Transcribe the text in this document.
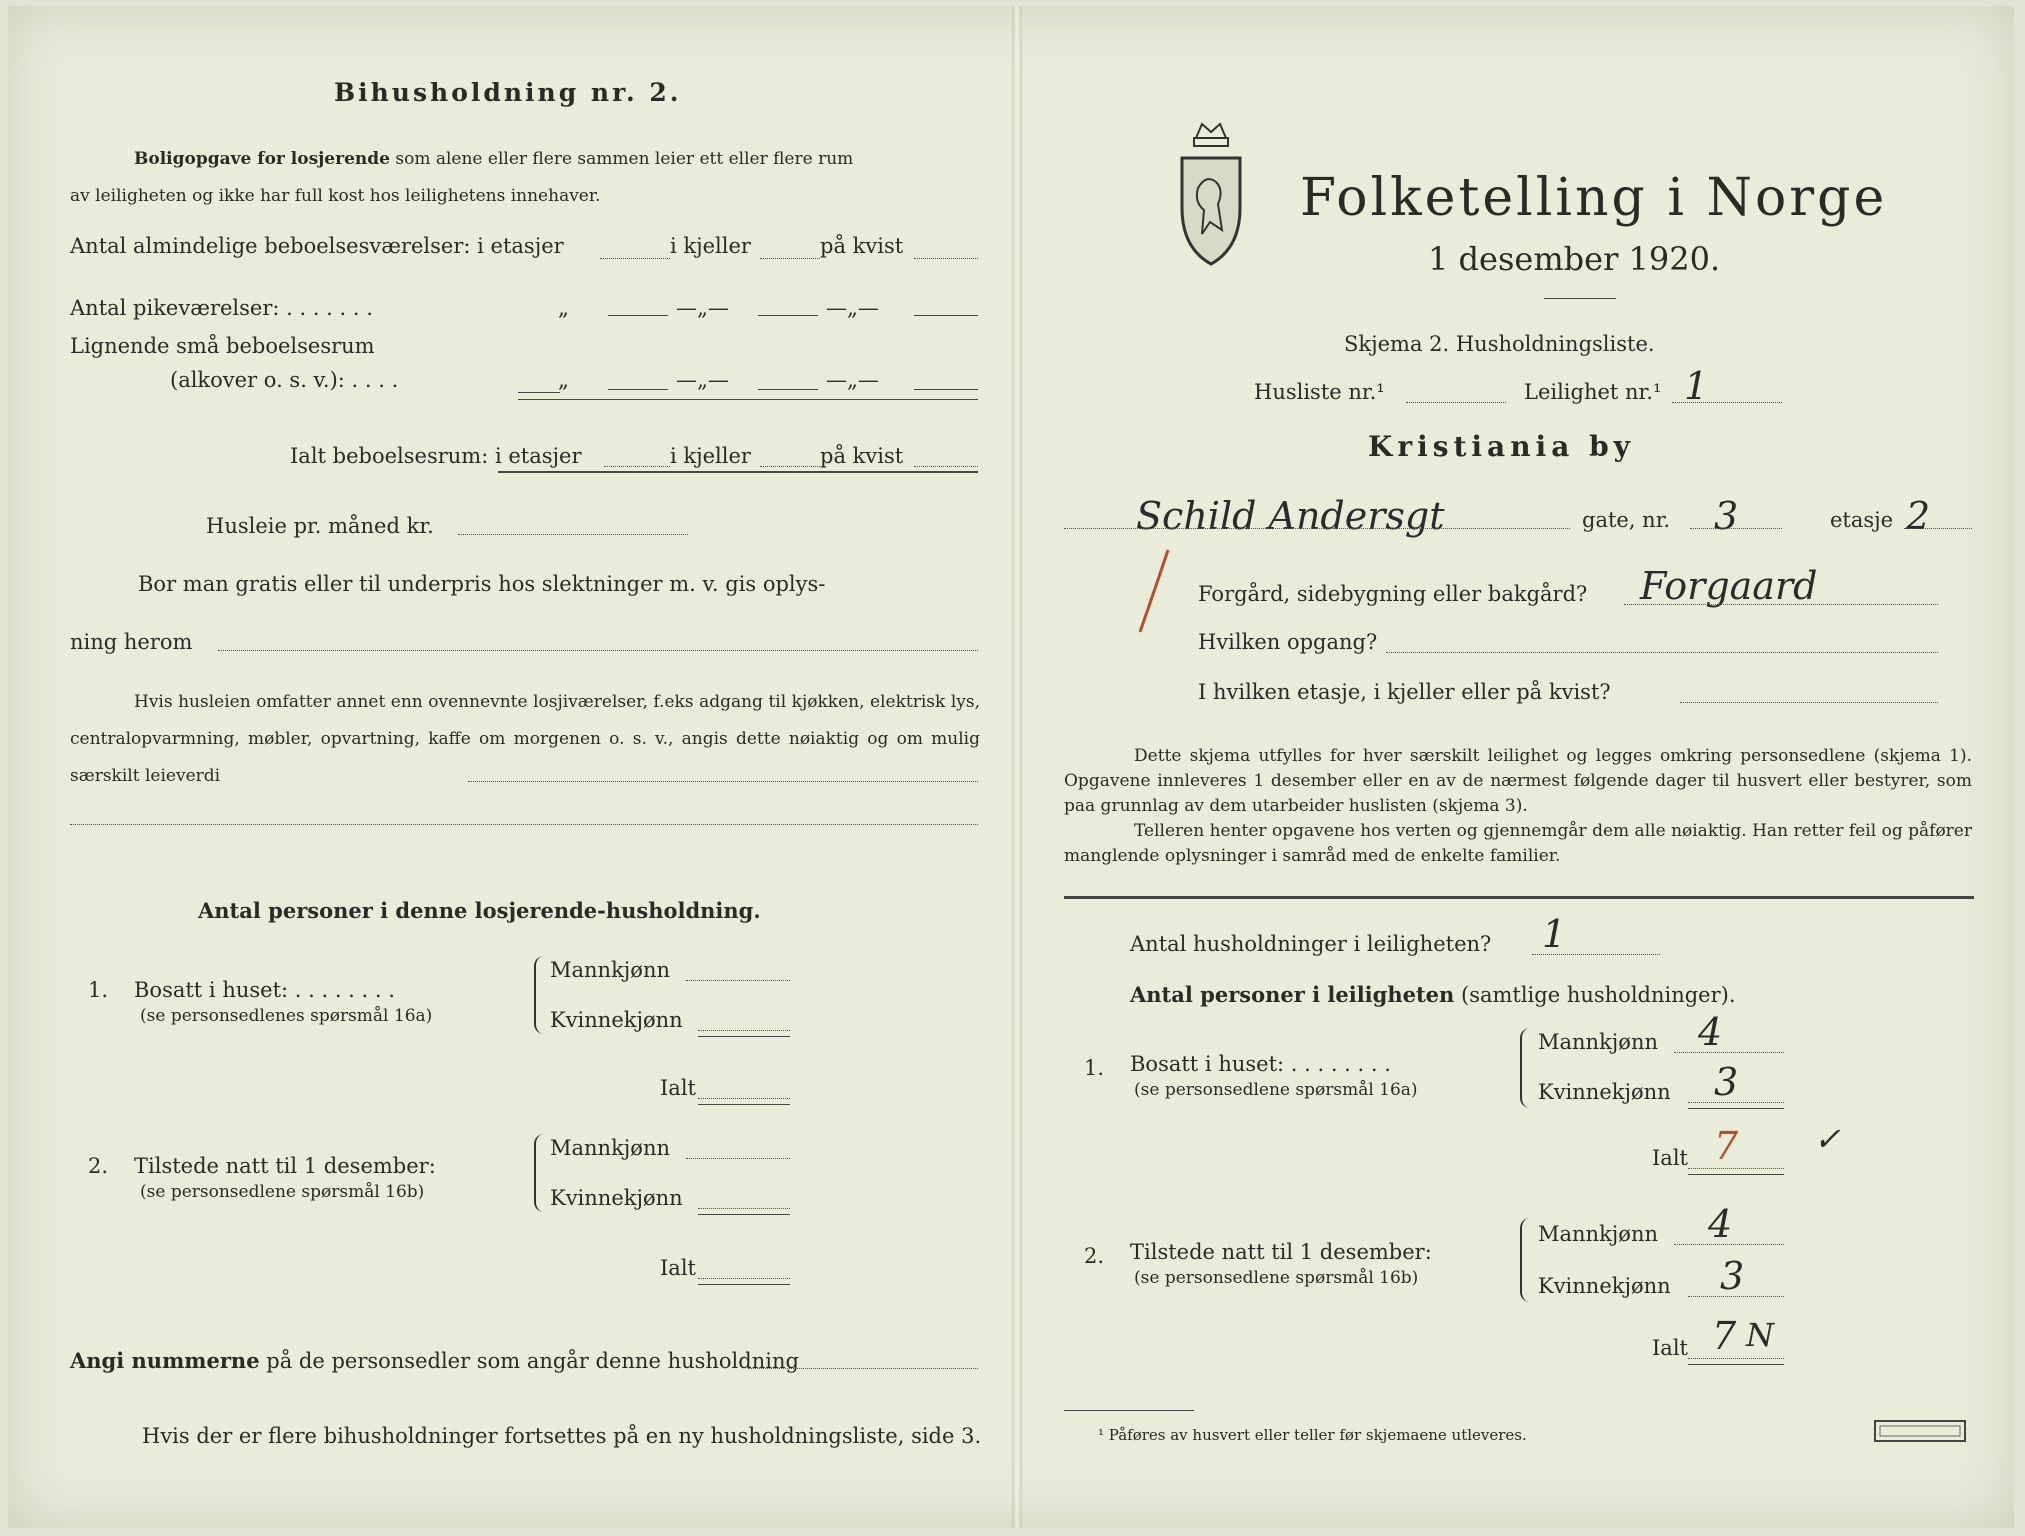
Bihusholdning nr. 2.
Boligopgave for losjerende som alene eller flere sammen leier ett eller flere rum
av leiligheten og ikke har full kost hos leilighetens innehaver.
Antal almindelige beboelsesværelser: i etasjer	i kjeller	på kvist
Antal pikeværelser: . . . . . . .	„	—„—	—„—
Lignende små beboelsesrum
(alkover o. s. v.): . . . .	„	—„—	—„—
Ialt beboelsesrum: i etasjer	i kjeller	på kvist
Husleie pr. måned kr.
Bor man gratis eller til underpris hos slektninger m. v. gis oplys-
ning herom
Hvis husleien omfatter annet enn ovennevnte losjiværelser, f.eks adgang til kjøkken, elektrisk lys, centralopvarmning, møbler, opvartning, kaffe om morgenen o. s. v., angis dette nøiaktig og om mulig særskilt leieverdi
Antal personer i denne losjerende-husholdning.
1. Bosatt i huset: . . . . . . . .
(se personsedlenes spørsmål 16a)
Mannkjønn
Kvinnekjønn
Ialt
2. Tilstede natt til 1 desember:
(se personsedlene spørsmål 16b)
Mannkjønn
Kvinnekjønn
Ialt
Angi nummerne på de personsedler som angår denne husholdning
Hvis der er flere bihusholdninger fortsettes på en ny husholdningsliste, side 3.
Folketelling i Norge
1 desember 1920.
Skjema 2. Husholdningsliste.
Husliste nr.¹	Leilighet nr.¹ 1
Kristiania by
Schild Andersgt	gate, nr. 3	etasje 2
Forgård, sidebygning eller bakgård? Forgaard
Hvilken opgang?
I hvilken etasje, i kjeller eller på kvist?
Dette skjema utfylles for hver særskilt leilighet og legges omkring personsedlene (skjema 1). Opgavene innleveres 1 desember eller en av de nærmest følgende dager til husvert eller bestyrer, som paa grunnlag av dem utarbeider huslisten (skjema 3).
Telleren henter opgavene hos verten og gjennemgår dem alle nøiaktig. Han retter feil og påfører manglende oplysninger i samråd med de enkelte familier.
Antal husholdninger i leiligheten? 1
Antal personer i leiligheten (samtlige husholdninger).
1. Bosatt i huset: . . . . . . . .
(se personsedlene spørsmål 16a)
Mannkjønn 4
Kvinnekjønn 3
Ialt 7 ✓
2. Tilstede natt til 1 desember:
(se personsedlene spørsmål 16b)
Mannkjønn 4
Kvinnekjønn 3
Ialt 7 N
¹ Påføres av husvert eller teller før skjemaene utleveres.
